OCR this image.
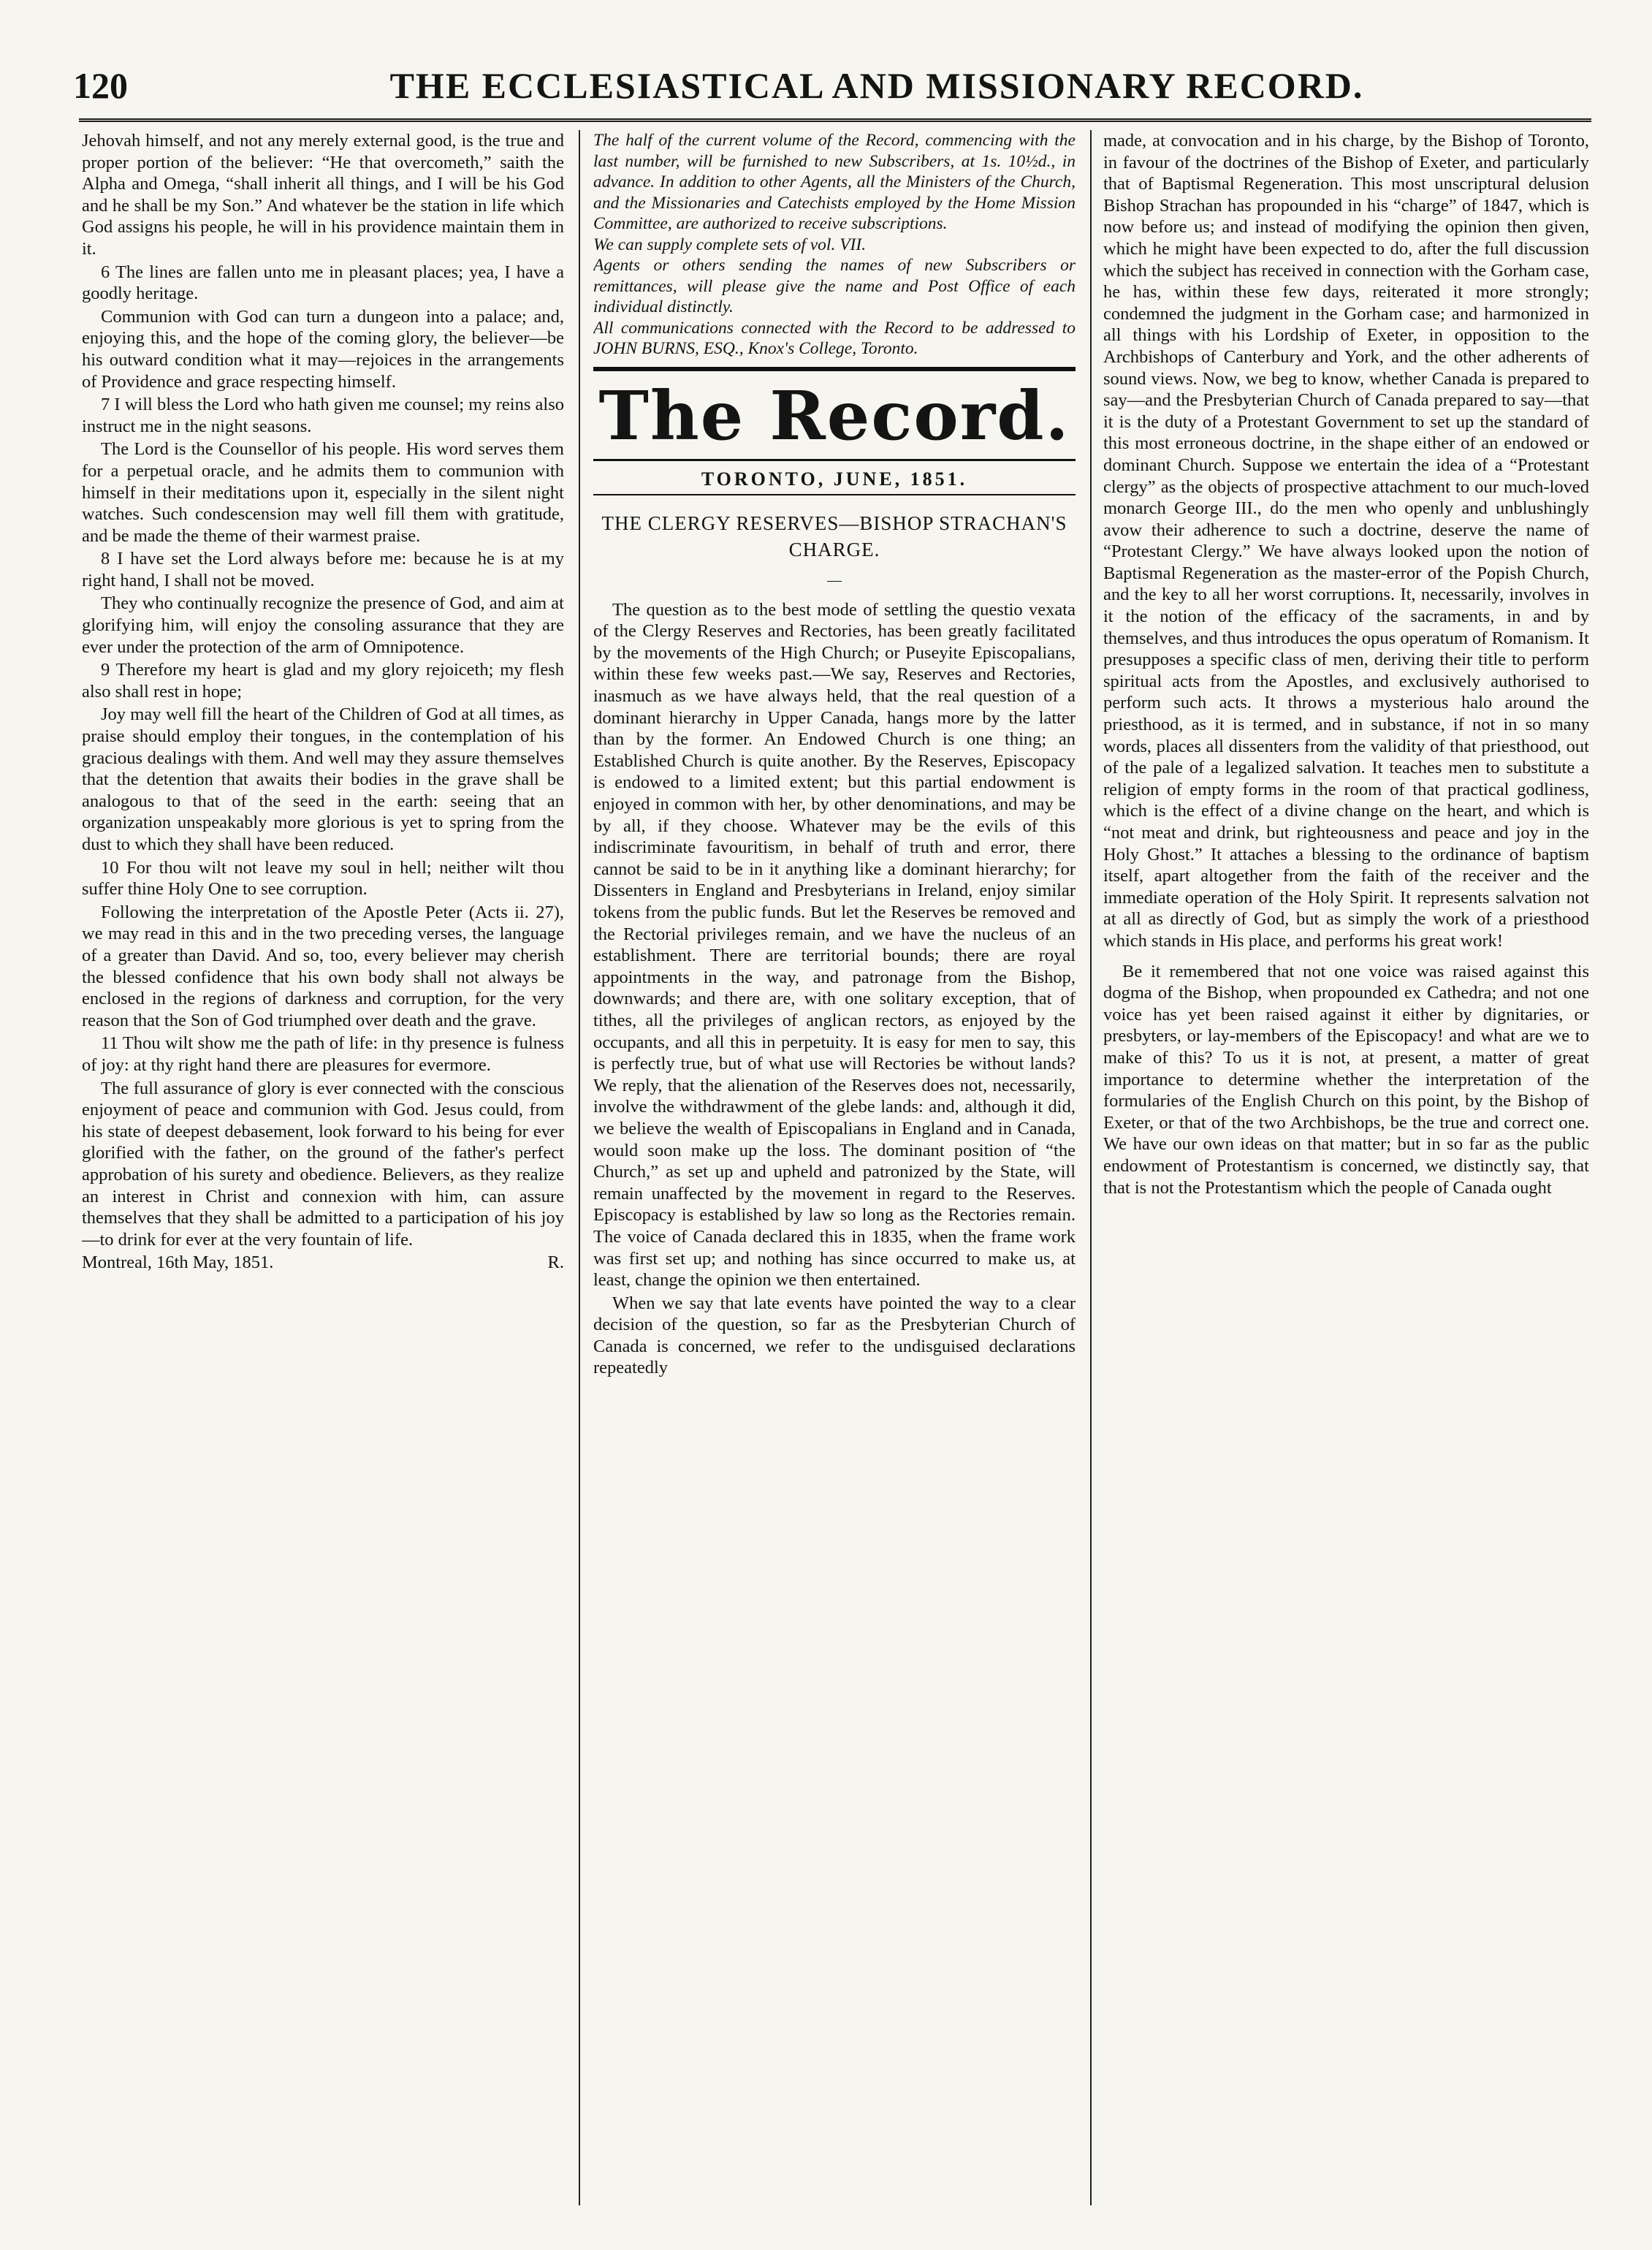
120	THE ECCLESIASTICAL AND MISSIONARY RECORD.

Jehovah himself, and not any merely external good, is the true and proper portion of the believer: “He that overcometh,” saith the Alpha and Omega, “shall inherit all things, and I will be his God and he shall be my Son.” And whatever be the station in life which God assigns his people, he will in his providence maintain them in it.

6 The lines are fallen unto me in pleasant places; yea, I have a goodly heritage.

Communion with God can turn a dungeon into a palace; and, enjoying this, and the hope of the coming glory, the believer—be his outward condition what it may—rejoices in the arrangements of Providence and grace respecting himself.

7 I will bless the Lord who hath given me counsel; my reins also instruct me in the night seasons.

The Lord is the Counsellor of his people. His word serves them for a perpetual oracle, and he admits them to communion with himself in their meditations upon it, especially in the silent night watches. Such condescension may well fill them with gratitude, and be made the theme of their warmest praise.

8 I have set the Lord always before me: because he is at my right hand, I shall not be moved.

They who continually recognize the presence of God, and aim at glorifying him, will enjoy the consoling assurance that they are ever under the protection of the arm of Omnipotence.

9 Therefore my heart is glad and my glory rejoiceth; my flesh also shall rest in hope;

Joy may well fill the heart of the Children of God at all times, as praise should employ their tongues, in the contemplation of his gracious dealings with them. And well may they assure themselves that the detention that awaits their bodies in the grave shall be analogous to that of the seed in the earth: seeing that an organization unspeakably more glorious is yet to spring from the dust to which they shall have been reduced.

10 For thou wilt not leave my soul in hell; neither wilt thou suffer thine Holy One to see corruption.

Following the interpretation of the Apostle Peter (Acts ii. 27), we may read in this and in the two preceding verses, the language of a greater than David. And so, too, every believer may cherish the blessed confidence that his own body shall not always be enclosed in the regions of darkness and corruption, for the very reason that the Son of God triumphed over death and the grave.

11 Thou wilt show me the path of life: in thy presence is fulness of joy: at thy right hand there are pleasures for evermore.

The full assurance of glory is ever connected with the conscious enjoyment of peace and communion with God. Jesus could, from his state of deepest debasement, look forward to his being for ever glorified with the father, on the ground of the father's perfect approbation of his surety and obedience. Believers, as they realize an interest in Christ and connexion with him, can assure themselves that they shall be admitted to a participation of his joy—to drink for ever at the very fountain of life.

Montreal, 16th May, 1851.	R.

The half of the current volume of the Record, commencing with the last number, will be furnished to new Subscribers, at 1s. 10½d., in advance. In addition to other Agents, all the Ministers of the Church, and the Missionaries and Catechists employed by the Home Mission Committee, are authorized to receive subscriptions.

We can supply complete sets of vol. VII.

Agents or others sending the names of new Subscribers or remittances, will please give the name and Post Office of each individual distinctly.

All communications connected with the Record to be addressed to JOHN BURNS, ESQ., Knox's College, Toronto.

The Record.
TORONTO, JUNE, 1851.
THE CLERGY RESERVES—BISHOP STRACHAN'S CHARGE.
—

The question as to the best mode of settling the questio vexata of the Clergy Reserves and Rectories, has been greatly facilitated by the movements of the High Church; or Puseyite Episcopalians, within these few weeks past.—We say, Reserves and Rectories, inasmuch as we have always held, that the real question of a dominant hierarchy in Upper Canada, hangs more by the latter than by the former. An Endowed Church is one thing; an Established Church is quite another. By the Reserves, Episcopacy is endowed to a limited extent; but this partial endowment is enjoyed in common with her, by other denominations, and may be by all, if they choose. Whatever may be the evils of this indiscriminate favouritism, in behalf of truth and error, there cannot be said to be in it anything like a dominant hierarchy; for Dissenters in England and Presbyterians in Ireland, enjoy similar tokens from the public funds. But let the Reserves be removed and the Rectorial privileges remain, and we have the nucleus of an establishment. There are territorial bounds; there are royal appointments in the way, and patronage from the Bishop, downwards; and there are, with one solitary exception, that of tithes, all the privileges of anglican rectors, as enjoyed by the occupants, and all this in perpetuity. It is easy for men to say, this is perfectly true, but of what use will Rectories be without lands? We reply, that the alienation of the Reserves does not, necessarily, involve the withdrawment of the glebe lands: and, although it did, we believe the wealth of Episcopalians in England and in Canada, would soon make up the loss. The dominant position of “the Church,” as set up and upheld and patronized by the State, will remain unaffected by the movement in regard to the Reserves. Episcopacy is established by law so long as the Rectories remain. The voice of Canada declared this in 1835, when the frame work was first set up; and nothing has since occurred to make us, at least, change the opinion we then entertained.

When we say that late events have pointed the way to a clear decision of the question, so far as the Presbyterian Church of Canada is concerned, we refer to the undisguised declarations repeatedly

made, at convocation and in his charge, by the Bishop of Toronto, in favour of the doctrines of the Bishop of Exeter, and particularly that of Baptismal Regeneration. This most unscriptural delusion Bishop Strachan has propounded in his “charge” of 1847, which is now before us; and instead of modifying the opinion then given, which he might have been expected to do, after the full discussion which the subject has received in connection with the Gorham case, he has, within these few days, reiterated it more strongly; condemned the judgment in the Gorham case; and harmonized in all things with his Lordship of Exeter, in opposition to the Archbishops of Canterbury and York, and the other adherents of sound views. Now, we beg to know, whether Canada is prepared to say—and the Presbyterian Church of Canada prepared to say—that it is the duty of a Protestant Government to set up the standard of this most erroneous doctrine, in the shape either of an endowed or dominant Church. Suppose we entertain the idea of a “Protestant clergy” as the objects of prospective attachment to our much-loved monarch George III., do the men who openly and unblushingly avow their adherence to such a doctrine, deserve the name of “Protestant Clergy.” We have always looked upon the notion of Baptismal Regeneration as the master-error of the Popish Church, and the key to all her worst corruptions. It, necessarily, involves in it the notion of the efficacy of the sacraments, in and by themselves, and thus introduces the opus operatum of Romanism. It presupposes a specific class of men, deriving their title to perform spiritual acts from the Apostles, and exclusively authorised to perform such acts. It throws a mysterious halo around the priesthood, as it is termed, and in substance, if not in so many words, places all dissenters from the validity of that priesthood, out of the pale of a legalized salvation. It teaches men to substitute a religion of empty forms in the room of that practical godliness, which is the effect of a divine change on the heart, and which is “not meat and drink, but righteousness and peace and joy in the Holy Ghost.” It attaches a blessing to the ordinance of baptism itself, apart altogether from the faith of the receiver and the immediate operation of the Holy Spirit. It represents salvation not at all as directly of God, but as simply the work of a priesthood which stands in His place, and performs his great work!

Be it remembered that not one voice was raised against this dogma of the Bishop, when propounded ex Cathedra; and not one voice has yet been raised against it either by dignitaries, or presbyters, or lay-members of the Episcopacy! and what are we to make of this? To us it is not, at present, a matter of great importance to determine whether the interpretation of the formularies of the English Church on this point, by the Bishop of Exeter, or that of the two Archbishops, be the true and correct one. We have our own ideas on that matter; but in so far as the public endowment of Protestantism is concerned, we distinctly say, that that is not the Protestantism which the people of Canada ought
